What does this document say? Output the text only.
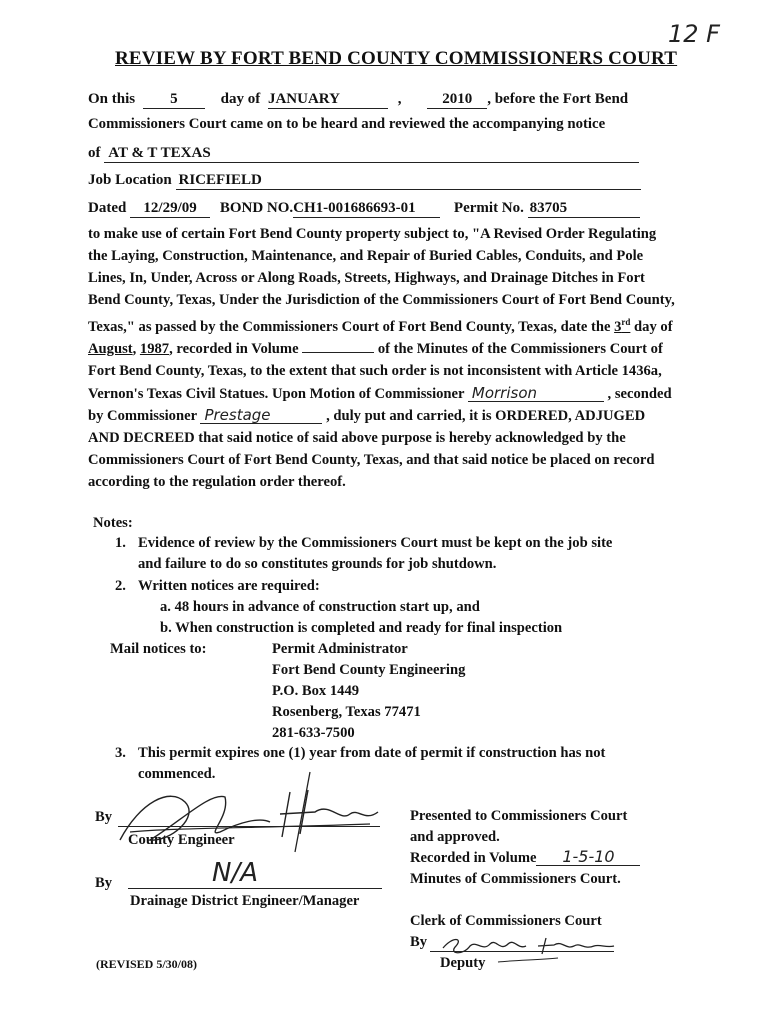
12 F
REVIEW BY FORT BEND COUNTY COMMISSIONERS COURT
On this 5	day of JANUARY	,	2010 , before the Fort Bend
Commissioners Court came on to be heard and reviewed the accompanying notice
of AT & T TEXAS
Job Location RICEFIELD
Dated 12/29/09 BOND NO.CH1-001686693-01	Permit No. 83705
to make use of certain Fort Bend County property subject to, "A Revised Order Regulating the Laying, Construction, Maintenance, and Repair of Buried Cables, Conduits, and Pole Lines, In, Under, Across or Along Roads, Streets, Highways, and Drainage Ditches in Fort Bend County, Texas, Under the Jurisdiction of the Commissioners Court of Fort Bend County, Texas," as passed by the Commissioners Court of Fort Bend County, Texas, date the 3rd day of August, 1987, recorded in Volume	of the Minutes of the Commissioners Court of Fort Bend County, Texas, to the extent that such order is not inconsistent with Article 1436a, Vernon's Texas Civil Statues. Upon Motion of Commissioner Morrison	, seconded by Commissioner Prestage	, duly put and carried, it is ORDERED, ADJUGED AND DECREED that said notice of said above purpose is hereby acknowledged by the Commissioners Court of Fort Bend County, Texas, and that said notice be placed on record according to the regulation order thereof.
Notes:
1. Evidence of review by the Commissioners Court must be kept on the job site
and failure to do so constitutes grounds for job shutdown.
2. Written notices are required:
a. 48 hours in advance of construction start up, and
b. When construction is completed and ready for final inspection
Mail notices to:	Permit Administrator
Fort Bend County Engineering
P.O. Box 1449
Rosenberg, Texas 77471
281-633-7500
3. This permit expires one (1) year from date of permit if construction has not
commenced.
By
County Engineer
By	N/A
Drainage District Engineer/Manager
Presented to Commissioners Court
and approved.
Recorded in Volume 1-5-10
Minutes of Commissioners Court.
Clerk of Commissioners Court
By
Deputy
(REVISED 5/30/08)
